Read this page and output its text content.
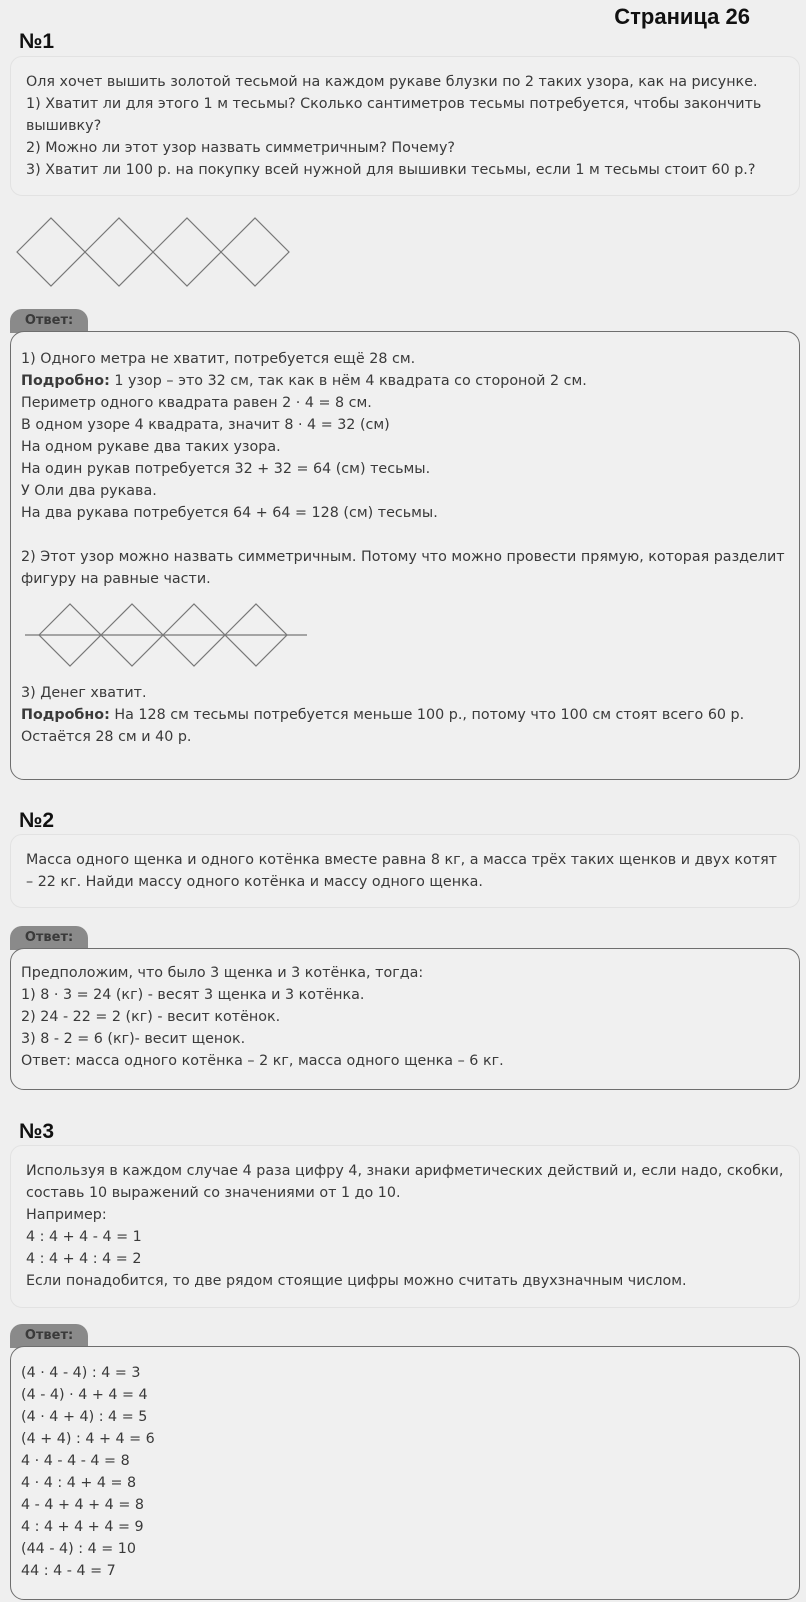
Страница 26
№1

Оля хочет вышить золотой тесьмой на каждом рукаве блузки по 2 таких узора, как на рисунке.

1) Хватит ли для этого 1 м тесьмы? Сколько сантиметров тесьмы потребуется, чтобы закончить вышивку?

2) Можно ли этот узор назвать симметричным? Почему?

3) Хватит ли 100 р. на покупку всей нужной для вышивки тесьмы, если 1 м тесьмы стоит 60 р.?

Ответ:

1) Одного метра не хватит, потребуется ещё 28 см.

Подробно: 1 узор – это 32 см, так как в нём 4 квадрата со стороной 2 см.

Периметр одного квадрата равен 2 · 4 = 8 см.

В одном узоре 4 квадрата, значит 8 · 4 = 32 (см)

На одном рукаве два таких узора.

На один рукав потребуется 32 + 32 = 64 (см) тесьмы.

У Оли два рукава.

На два рукава потребуется 64 + 64 = 128 (см) тесьмы.

2) Этот узор можно назвать симметричным. Потому что можно провести прямую, которая разделит фигуру на равные части.

3) Денег хватит.

Подробно: На 128 см тесьмы потребуется меньше 100 р., потому что 100 см стоят всего 60 р.

Остаётся 28 см и 40 р.

№2

Масса одного щенка и одного котёнка вместе равна 8 кг, а масса трёх таких щенков и двух котят – 22 кг. Найди массу одного котёнка и массу одного щенка.

Ответ:

Предположим, что было 3 щенка и 3 котёнка, тогда:

1) 8 · 3 = 24 (кг) - весят 3 щенка и 3 котёнка.

2) 24 - 22 = 2 (кг) - весит котёнок.

3) 8 - 2 = 6 (кг)- весит щенок.

Ответ: масса одного котёнка – 2 кг, масса одного щенка – 6 кг.

№3

Используя в каждом случае 4 раза цифру 4, знаки арифметических действий и, если надо, скобки, составь 10 выражений со значениями от 1 до 10.

Например:

4 : 4 + 4 - 4 = 1

4 : 4 + 4 : 4 = 2

Если понадобится, то две рядом стоящие цифры можно считать двухзначным числом.

Ответ:

(4 · 4 - 4) : 4 = 3

(4 - 4) · 4 + 4 = 4

(4 · 4 + 4) : 4 = 5

(4 + 4) : 4 + 4 = 6

4 · 4 - 4 - 4 = 8

4 · 4 : 4 + 4 = 8

4 - 4 + 4 + 4 = 8

4 : 4 + 4 + 4 = 9

(44 - 4) : 4 = 10

44 : 4 - 4 = 7
